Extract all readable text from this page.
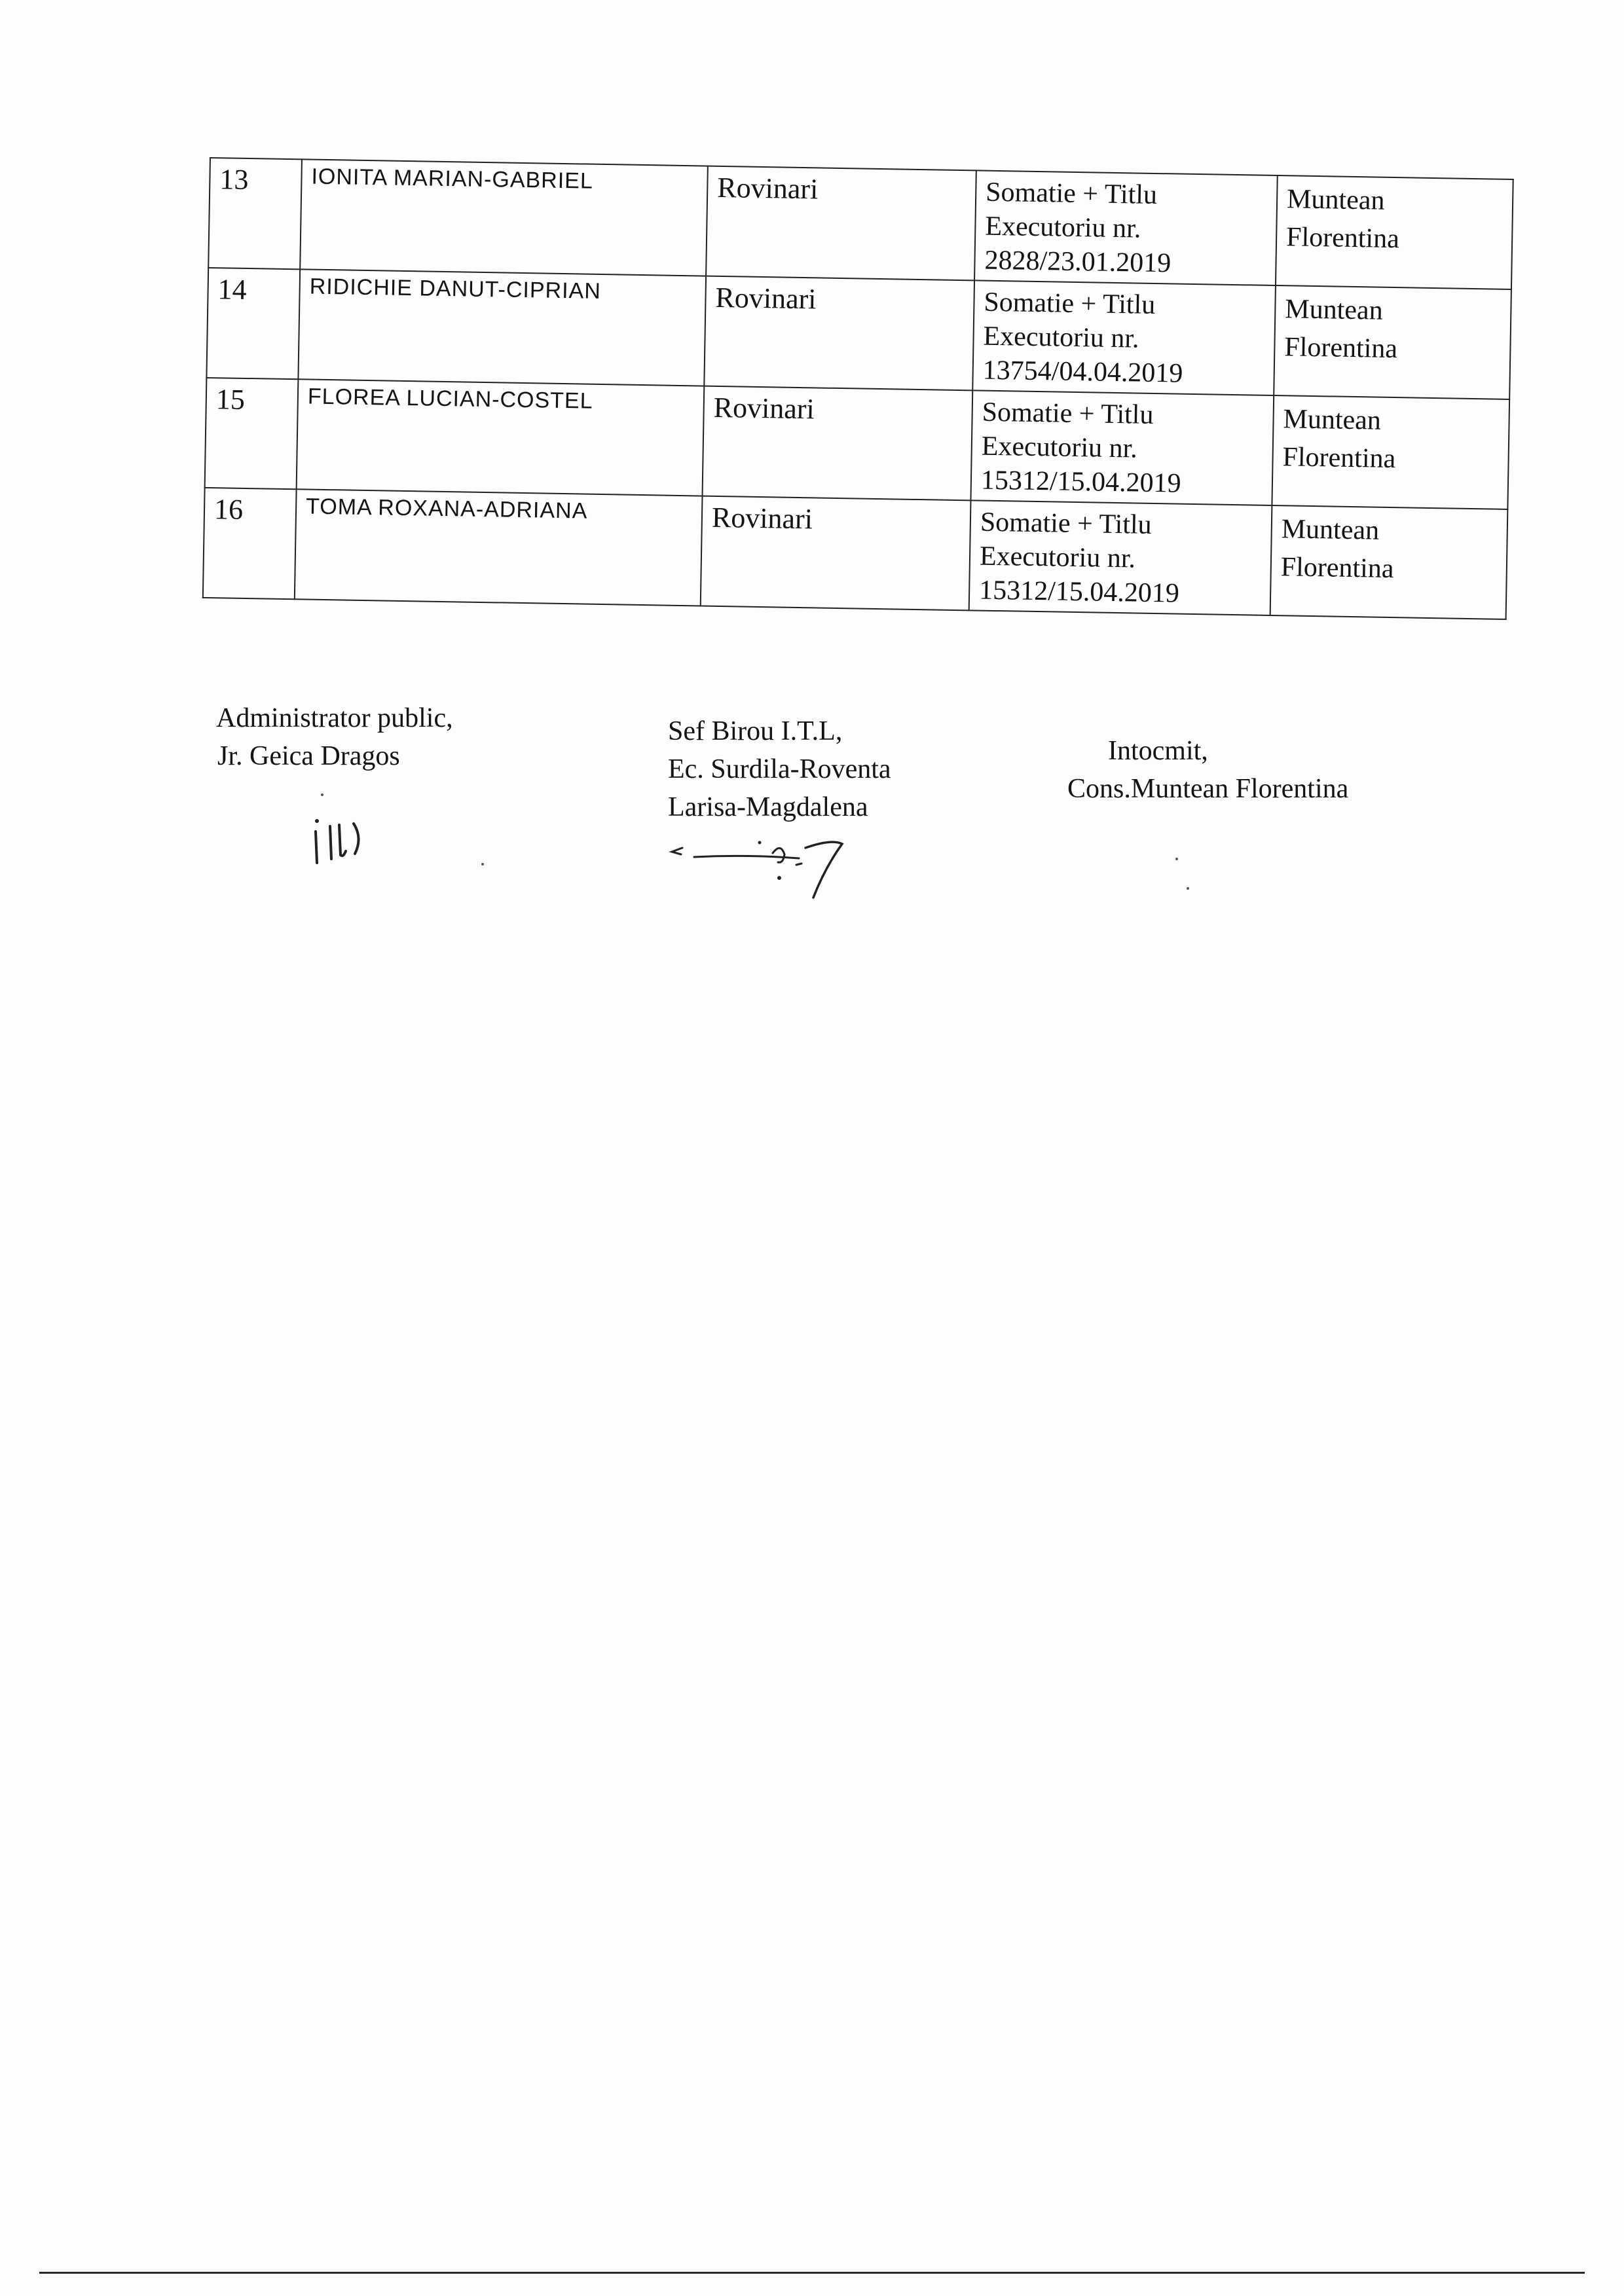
13	IONITA MARIAN-GABRIEL	Rovinari	Somatie + Titlu
Executoriu nr.
2828/23.01.2019	Muntean
Florentina

14	RIDICHIE DANUT-CIPRIAN	Rovinari	Somatie + Titlu
Executoriu nr.
13754/04.04.2019	Muntean
Florentina

15	FLOREA LUCIAN-COSTEL	Rovinari	Somatie + Titlu
Executoriu nr.
15312/15.04.2019	Muntean
Florentina

16	TOMA ROXANA-ADRIANA	Rovinari	Somatie + Titlu
Executoriu nr.
15312/15.04.2019	Muntean
Florentina
Administrator public,
Jr. Geica Dragos
Sef Birou I.T.L,
Ec. Surdila-Roventa
Larisa-Magdalena
Intocmit,
Cons.Muntean Florentina
